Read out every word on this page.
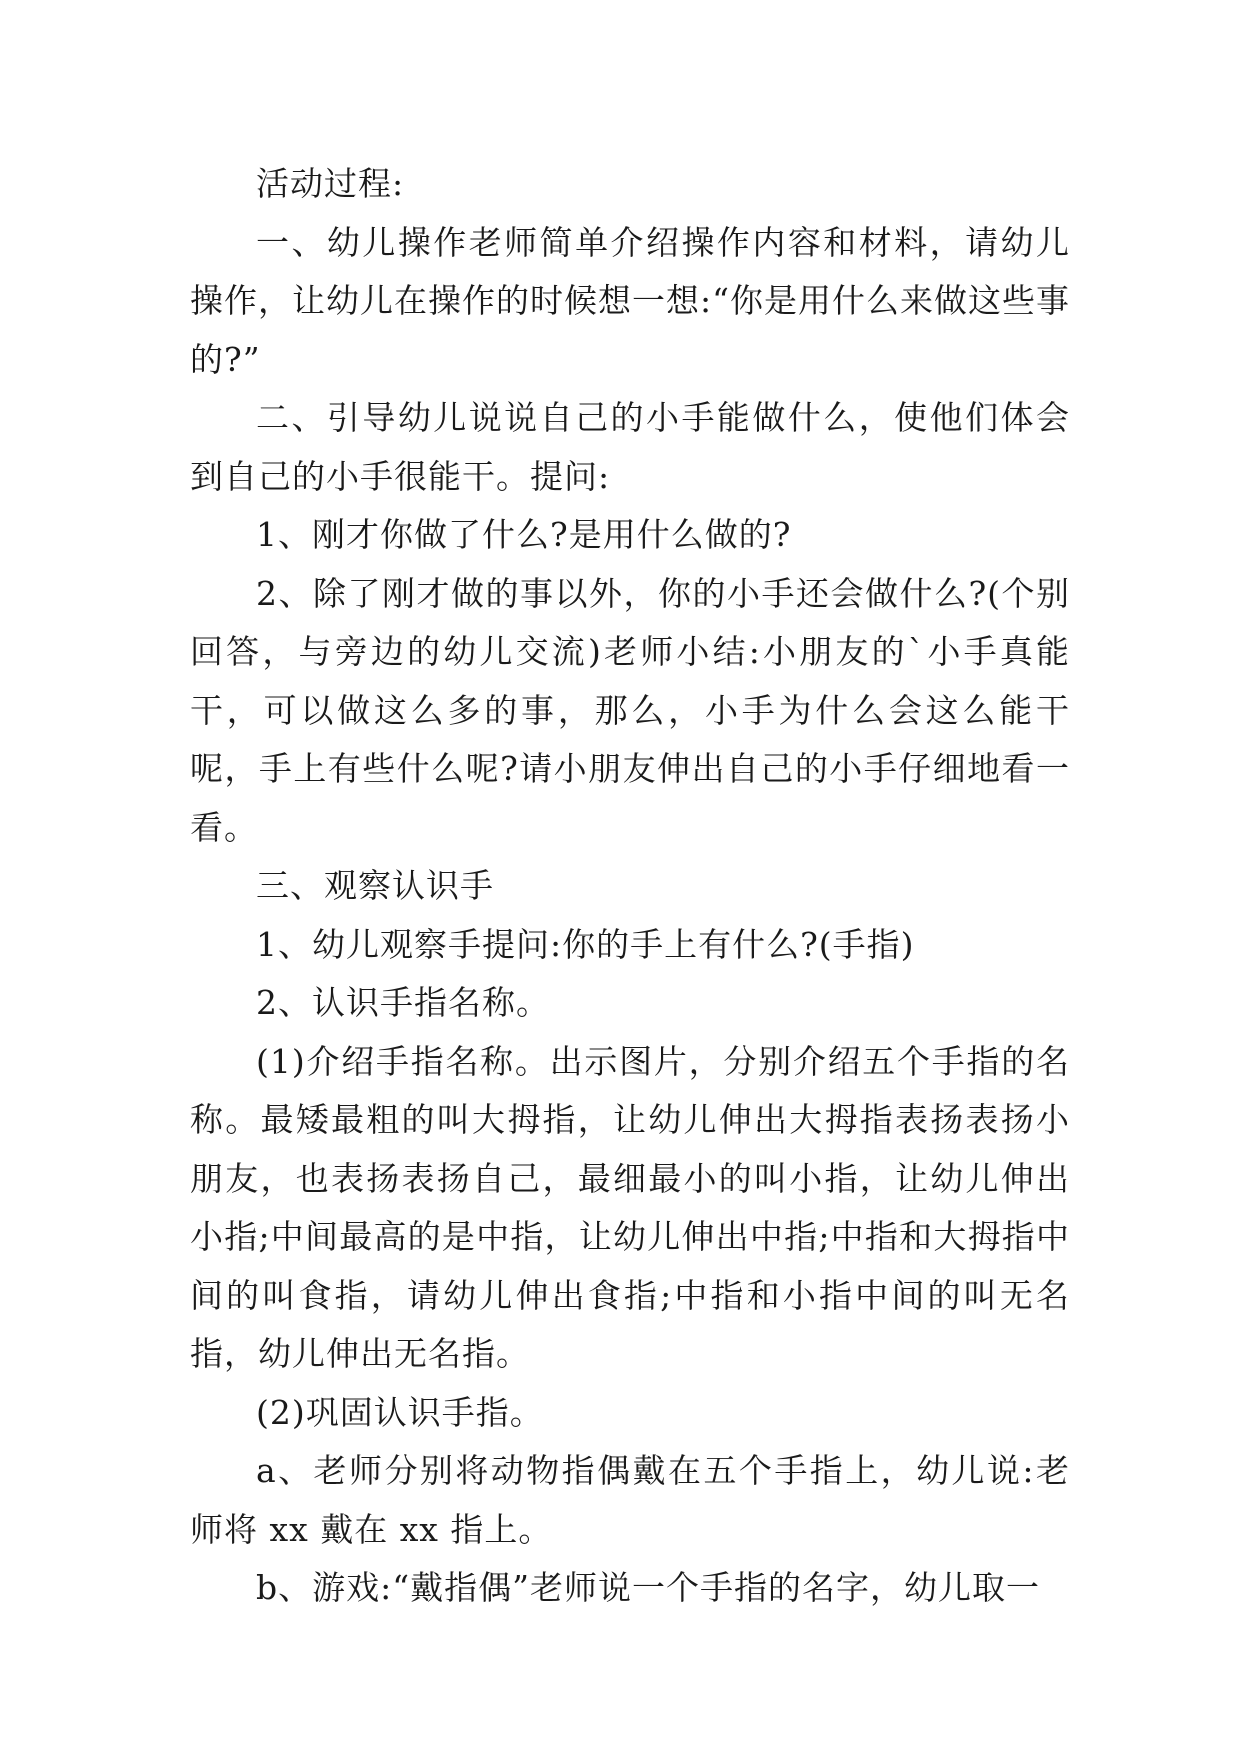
活动过程:

一、幼儿操作老师简单介绍操作内容和材料，请幼儿操作，让幼儿在操作的时候想一想:“你是用什么来做这些事的?”

二、引导幼儿说说自己的小手能做什么，使他们体会到自己的小手很能干。提问:

1、刚才你做了什么?是用什么做的?

2、除了刚才做的事以外，你的小手还会做什么?(个别回答，与旁边的幼儿交流)老师小结:小朋友的`小手真能干，可以做这么多的事，那么，小手为什么会这么能干呢，手上有些什么呢?请小朋友伸出自己的小手仔细地看一看。

三、观察认识手

1、幼儿观察手提问:你的手上有什么?(手指)

2、认识手指名称。

(1)介绍手指名称。出示图片，分别介绍五个手指的名称。最矮最粗的叫大拇指，让幼儿伸出大拇指表扬表扬小朋友，也表扬表扬自己，最细最小的叫小指，让幼儿伸出小指;中间最高的是中指，让幼儿伸出中指;中指和大拇指中间的叫食指，请幼儿伸出食指;中指和小指中间的叫无名指，幼儿伸出无名指。

(2)巩固认识手指。

a、老师分别将动物指偶戴在五个手指上，幼儿说:老师将 xx 戴在 xx 指上。

b、游戏:“戴指偶”老师说一个手指的名字，幼儿取一
